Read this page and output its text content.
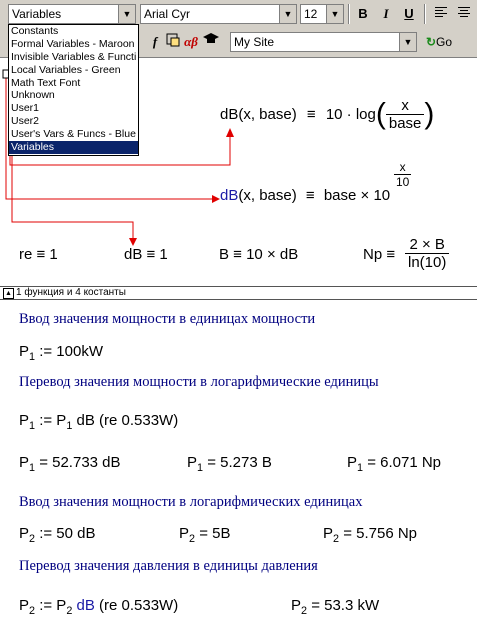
Variables	▼	Arial Cyr	▼ 12	▼	B	I	U
f	αβ	My Site	▼	↻Go
Constants
Formal Variables - Maroon
Invisible Variables & Functi
Local Variables - Green
Math Text Font
Unknown
User1
User2
User's Vars & Funcs - Blue
Variables
dB(x, base) ≡ $10 \cdot \log( \frac{x}{\text{base}}$ )
dB(x, base) ≡ base × 10
$\frac{x}{10}$
re ≡ 1	dB ≡ 1	B ≡ 10 × dB	$Np \equiv \frac{2 \times B}{\ln(10)}$
▲ 1 функция и 4 костанты
Ввод значения мощности в единицах мощности
$P_1$ := 100kW
Перевод значения мощности в логарифмические единицы
$P_1$ := $P_1$ dB (re 0.533W)
$P_1 = 52.733$ dB	$P_1 = 5.273$ B	$P_1 = 6.071$ Np
Ввод значения мощности в логарифмических единицах
$P_2$ := 50 dB	$P_2 = 5B$	$P_2 = 5.756$ Np
Перевод значения давления в единицы давления
$P_2$ := $P_2$ dB (re 0.533W)	$P_2 = 53.3$ kW
